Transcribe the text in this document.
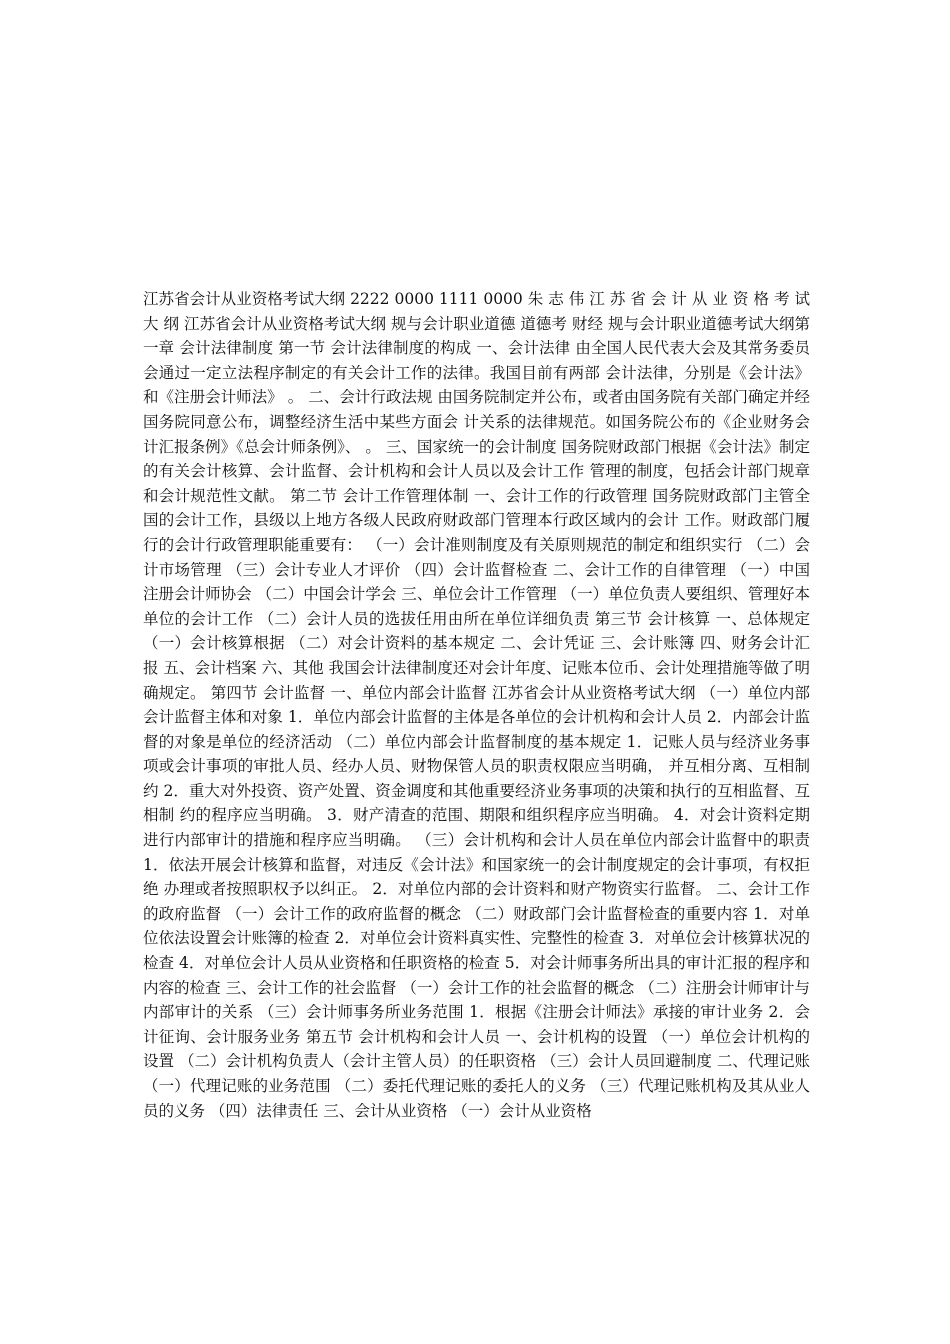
江苏省会计从业资格考试大纲 2222 0000 1111 0000 朱 志 伟 江 苏 省 会 计 从 业 资 格 考 试 大 纲 江苏省会计从业资格考试大纲 规与会计职业道德 道德考 财经 规与会计职业道德考试大纲第一章 会计法律制度 第一节 会计法律制度的构成 一、会计法律 由全国人民代表大会及其常务委员会通过一定立法程序制定的有关会计工作的法律。我国目前有两部 会计法律，分别是《会计法》和《注册会计师法》 。 二、会计行政法规 由国务院制定并公布，或者由国务院有关部门确定并经国务院同意公布，调整经济生活中某些方面会 计关系的法律规范。如国务院公布的《企业财务会计汇报条例》《总会计师条例》、 。 三、国家统一的会计制度 国务院财政部门根据《会计法》制定的有关会计核算、会计监督、会计机构和会计人员以及会计工作 管理的制度，包括会计部门规章和会计规范性文献。 第二节 会计工作管理体制 一、会计工作的行政管理 国务院财政部门主管全国的会计工作，县级以上地方各级人民政府财政部门管理本行政区域内的会计 工作。财政部门履行的会计行政管理职能重要有： （一）会计准则制度及有关原则规范的制定和组织实行 （二）会计市场管理 （三）会计专业人才评价 （四）会计监督检查 二、会计工作的自律管理 （一）中国注册会计师协会 （二）中国会计学会 三、单位会计工作管理 （一）单位负责人要组织、管理好本单位的会计工作 （二）会计人员的选拔任用由所在单位详细负责 第三节 会计核算 一、总体规定 （一）会计核算根据 （二）对会计资料的基本规定 二、会计凭证 三、会计账簿 四、财务会计汇报 五、会计档案 六、其他 我国会计法律制度还对会计年度、记账本位币、会计处理措施等做了明确规定。 第四节 会计监督 一、单位内部会计监督 江苏省会计从业资格考试大纲 （一）单位内部会计监督主体和对象 1．单位内部会计监督的主体是各单位的会计机构和会计人员 2．内部会计监督的对象是单位的经济活动 （二）单位内部会计监督制度的基本规定 1．记账人员与经济业务事项或会计事项的审批人员、经办人员、财物保管人员的职责权限应当明确， 并互相分离、互相制约 2．重大对外投资、资产处置、资金调度和其他重要经济业务事项的决策和执行的互相监督、互相制 约的程序应当明确。 3．财产清查的范围、期限和组织程序应当明确。 4．对会计资料定期进行内部审计的措施和程序应当明确。 （三）会计机构和会计人员在单位内部会计监督中的职责 1．依法开展会计核算和监督，对违反《会计法》和国家统一的会计制度规定的会计事项，有权拒绝 办理或者按照职权予以纠正。 2．对单位内部的会计资料和财产物资实行监督。 二、会计工作的政府监督 （一）会计工作的政府监督的概念 （二）财政部门会计监督检查的重要内容 1．对单位依法设置会计账簿的检查 2．对单位会计资料真实性、完整性的检查 3．对单位会计核算状况的检查 4．对单位会计人员从业资格和任职资格的检查 5．对会计师事务所出具的审计汇报的程序和内容的检查 三、会计工作的社会监督 （一）会计工作的社会监督的概念 （二）注册会计师审计与内部审计的关系 （三）会计师事务所业务范围 1．根据《注册会计师法》承接的审计业务 2．会计征询、会计服务业务 第五节 会计机构和会计人员 一、会计机构的设置 （一）单位会计机构的设置 （二）会计机构负责人（会计主管人员）的任职资格 （三）会计人员回避制度 二、代理记账 （一）代理记账的业务范围 （二）委托代理记账的委托人的义务 （三）代理记账机构及其从业人员的义务 （四）法律责任 三、会计从业资格 （一）会计从业资格
